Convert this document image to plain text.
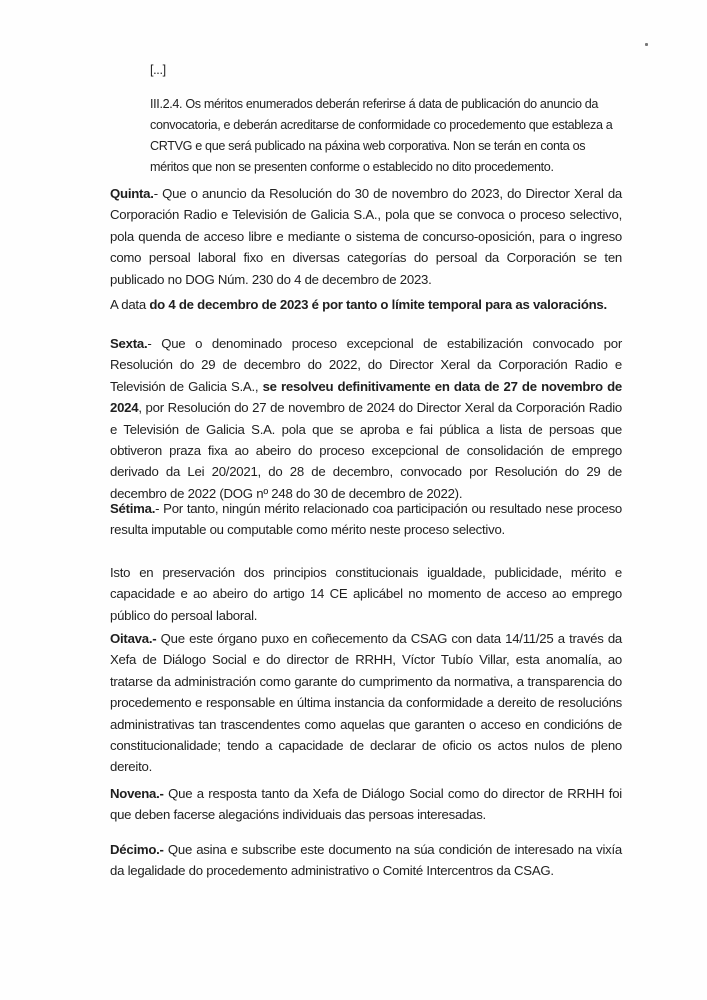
[...]
III.2.4. Os méritos enumerados deberán referirse á data de publicación do anuncio da convocatoria, e deberán acreditarse de conformidade co procedemento que estableza a CRTVG e que será publicado na páxina web corporativa. Non se terán en conta os méritos que non se presenten conforme o establecido no dito procedemento.
Quinta.- Que o anuncio da Resolución do 30 de novembro do 2023, do Director Xeral da Corporación Radio e Televisión de Galicia S.A., pola que se convoca o proceso selectivo, pola quenda de acceso libre e mediante o sistema de concurso-oposición, para o ingreso como persoal laboral fixo en diversas categorías do persoal da Corporación se ten publicado no DOG Núm. 230 do 4 de decembro de 2023.
A data do 4 de decembro de 2023 é por tanto o límite temporal para as valoracións.
Sexta.- Que o denominado proceso excepcional de estabilización convocado por Resolución do 29 de decembro do 2022, do Director Xeral da Corporación Radio e Televisión de Galicia S.A., se resolveu definitivamente en data de 27 de novembro de 2024, por Resolución do 27 de novembro de 2024 do Director Xeral da Corporación Radio e Televisión de Galicia S.A. pola que se aproba e fai pública a lista de persoas que obtiveron praza fixa ao abeiro do proceso excepcional de consolidación de emprego derivado da Lei 20/2021, do 28 de decembro, convocado por Resolución do 29 de decembro de 2022 (DOG nº 248 do 30 de decembro de 2022).
Sétima.- Por tanto, ningún mérito relacionado coa participación ou resultado nese proceso resulta imputable ou computable como mérito neste proceso selectivo.
Isto en preservación dos principios constitucionais igualdade, publicidade, mérito e capacidade e ao abeiro do artigo 14 CE aplicábel no momento de acceso ao emprego público do persoal laboral.
Oitava.- Que este órgano puxo en coñecemento da CSAG con data 14/11/25 a través da Xefa de Diálogo Social e do director de RRHH, Víctor Tubío Villar, esta anomalía, ao tratarse da administración como garante do cumprimento da normativa, a transparencia do procedemento e responsable en última instancia da conformidade a dereito de resolucións administrativas tan trascendentes como aquelas que garanten o acceso en condicións de constitucionalidade; tendo a capacidade de declarar de oficio os actos nulos de pleno dereito.
Novena.- Que a resposta tanto da Xefa de Diálogo Social como do director de RRHH foi que deben facerse alegacións individuais das persoas interesadas.
Décimo.- Que asina e subscribe este documento na súa condición de interesado na vixía da legalidade do procedemento administrativo o Comité Intercentros da CSAG.
